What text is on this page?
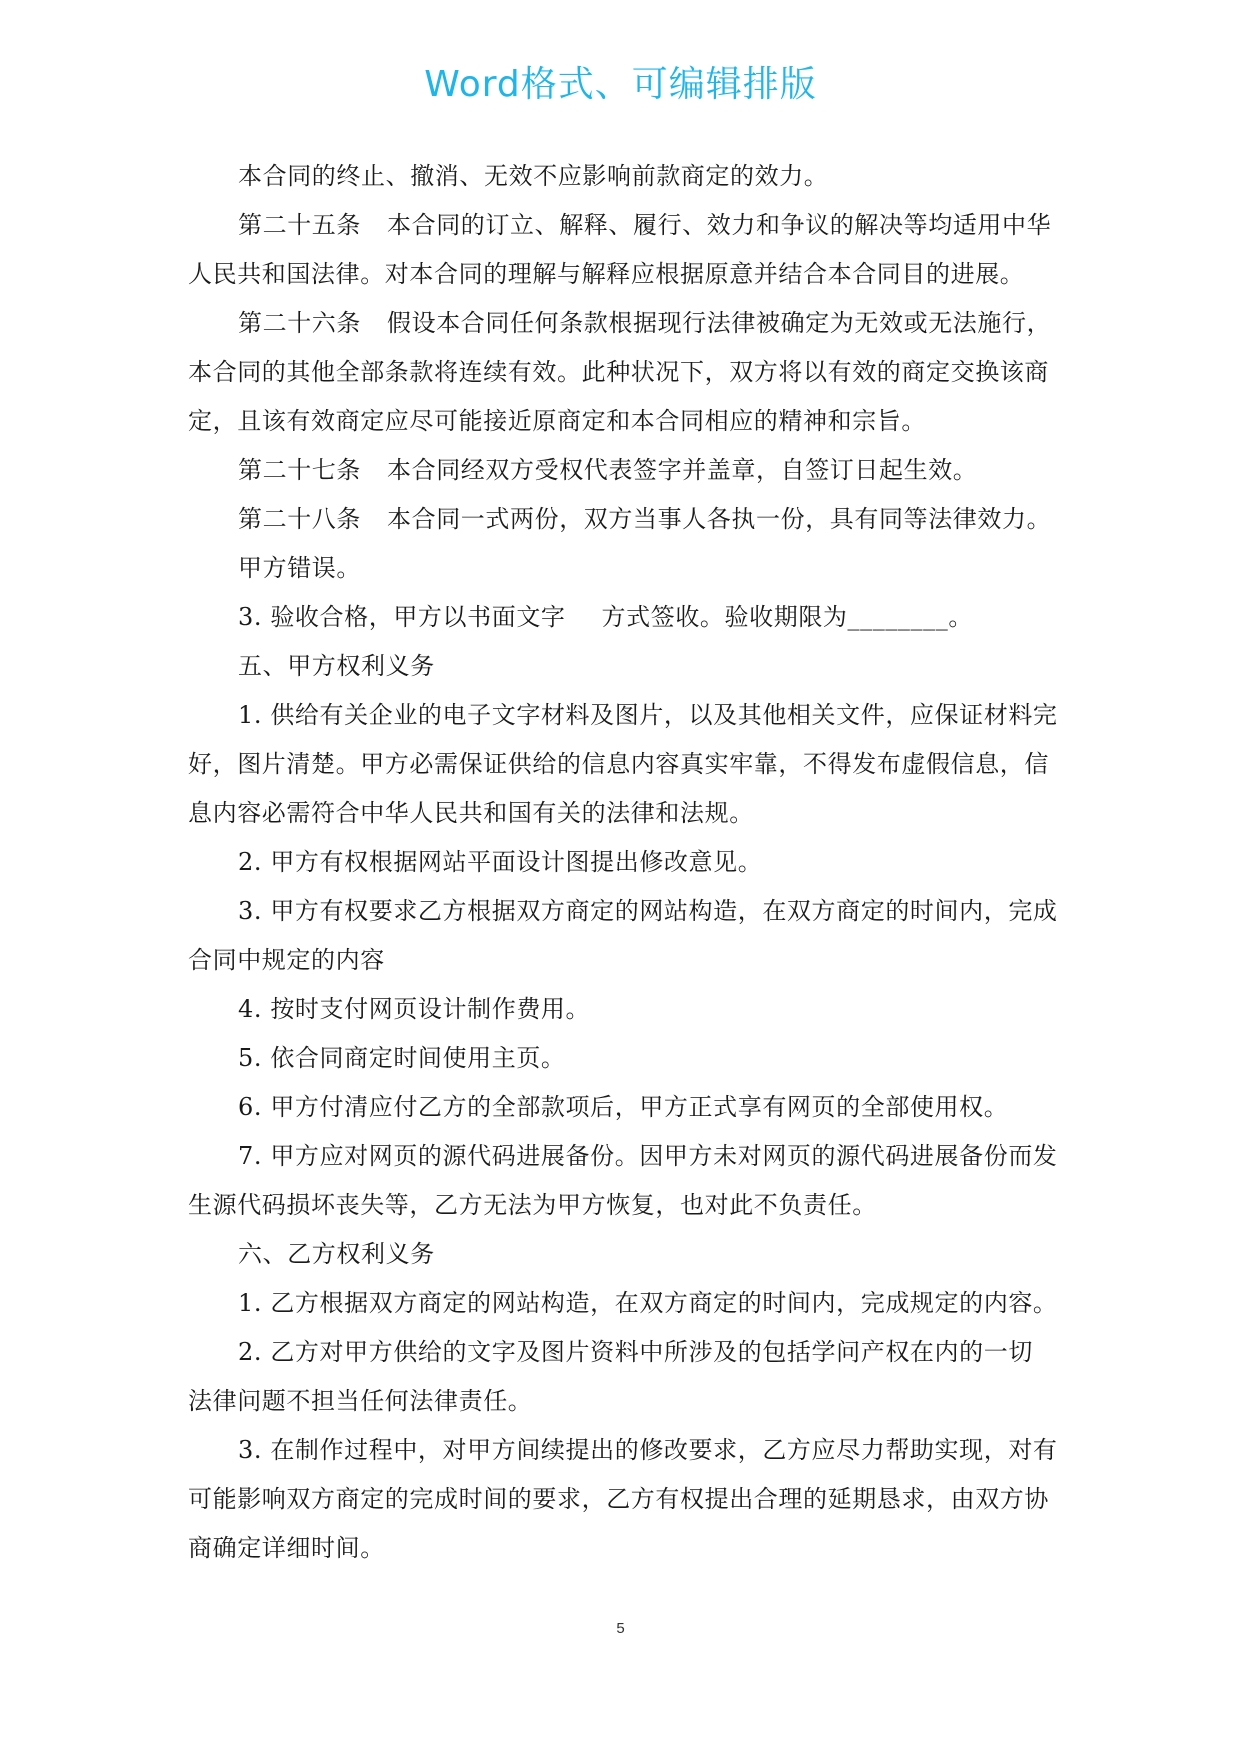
Word格式、可编辑排版
本合同的终止、撤消、无效不应影响前款商定的效力。
第二十五条 本合同的订立、解释、履行、效力和争议的解决等均适用中华
人民共和国法律。对本合同的理解与解释应根据原意并结合本合同目的进展。
第二十六条 假设本合同任何条款根据现行法律被确定为无效或无法施行，
本合同的其他全部条款将连续有效。此种状况下，双方将以有效的商定交换该商
定，且该有效商定应尽可能接近原商定和本合同相应的精神和宗旨。
第二十七条 本合同经双方受权代表签字并盖章，自签订日起生效。
第二十八条 本合同一式两份，双方当事人各执一份，具有同等法律效力。
甲方错误。
3. 验收合格，甲方以书面文字 方式签收。验收期限为________。
五、甲方权利义务
1. 供给有关企业的电子文字材料及图片，以及其他相关文件，应保证材料完
好，图片清楚。甲方必需保证供给的信息内容真实牢靠，不得发布虚假信息，信
息内容必需符合中华人民共和国有关的法律和法规。
2. 甲方有权根据网站平面设计图提出修改意见。
3. 甲方有权要求乙方根据双方商定的网站构造，在双方商定的时间内，完成
合同中规定的内容
4. 按时支付网页设计制作费用。
5. 依合同商定时间使用主页。
6. 甲方付清应付乙方的全部款项后，甲方正式享有网页的全部使用权。
7. 甲方应对网页的源代码进展备份。因甲方未对网页的源代码进展备份而发
生源代码损坏丧失等，乙方无法为甲方恢复，也对此不负责任。
六、乙方权利义务
1. 乙方根据双方商定的网站构造，在双方商定的时间内，完成规定的内容。
2. 乙方对甲方供给的文字及图片资料中所涉及的包括学问产权在内的一切
法律问题不担当任何法律责任。
3. 在制作过程中，对甲方间续提出的修改要求，乙方应尽力帮助实现，对有
可能影响双方商定的完成时间的要求，乙方有权提出合理的延期恳求，由双方协
商确定详细时间。
5
